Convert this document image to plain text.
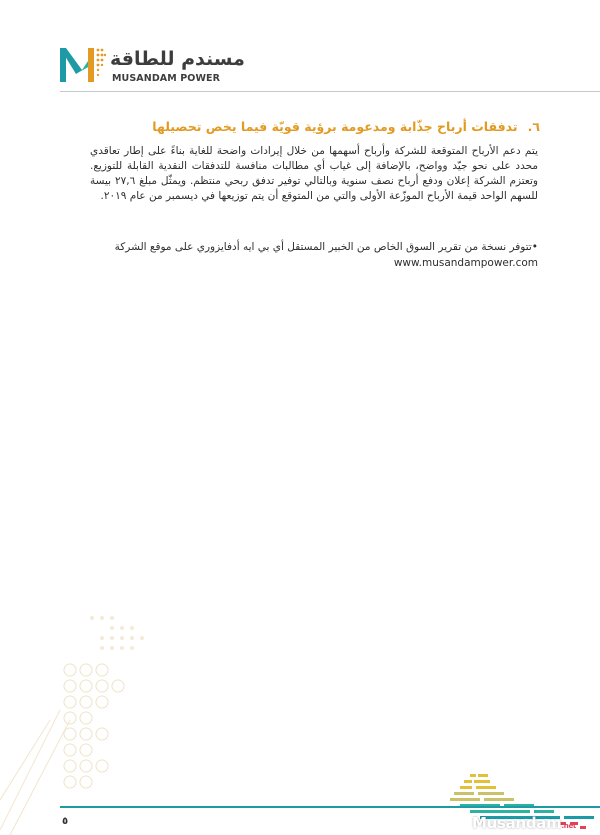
مسندم للطاقة
MUSANDAM POWER
٦.تدفقات أرباح جذّابة ومدعومة برؤية قويّة فيما يخص تحصيلها
يتم دعم الأرباح المتوقعة للشركة وأرباح أسهمها من خلال إيرادات واضحة للغاية بناءً على إطار تعاقدي محدد على نحو جيّد وواضح، بالإضافة إلى غياب أي مطالبات منافسة للتدفقات النقدية القابلة للتوزيع. وتعتزم الشركة إعلان ودفع أرباح نصف سنوية وبالتالي توفير تدفق ربحي منتظم. ويمثّل مبلغ ٢٧,٦ بيسة للسهم الواحد قيمة الأرباح الموزّعة الأولى والتي من المتوقع أن يتم توزيعها في ديسمبر من عام ٢٠١٩.
•تتوفر نسخة من تقرير السوق الخاص من الخبير المستقل أي بي ايه أدفايزوري على موقع الشركة
www.musandampower.com
٥	Musandam.net
